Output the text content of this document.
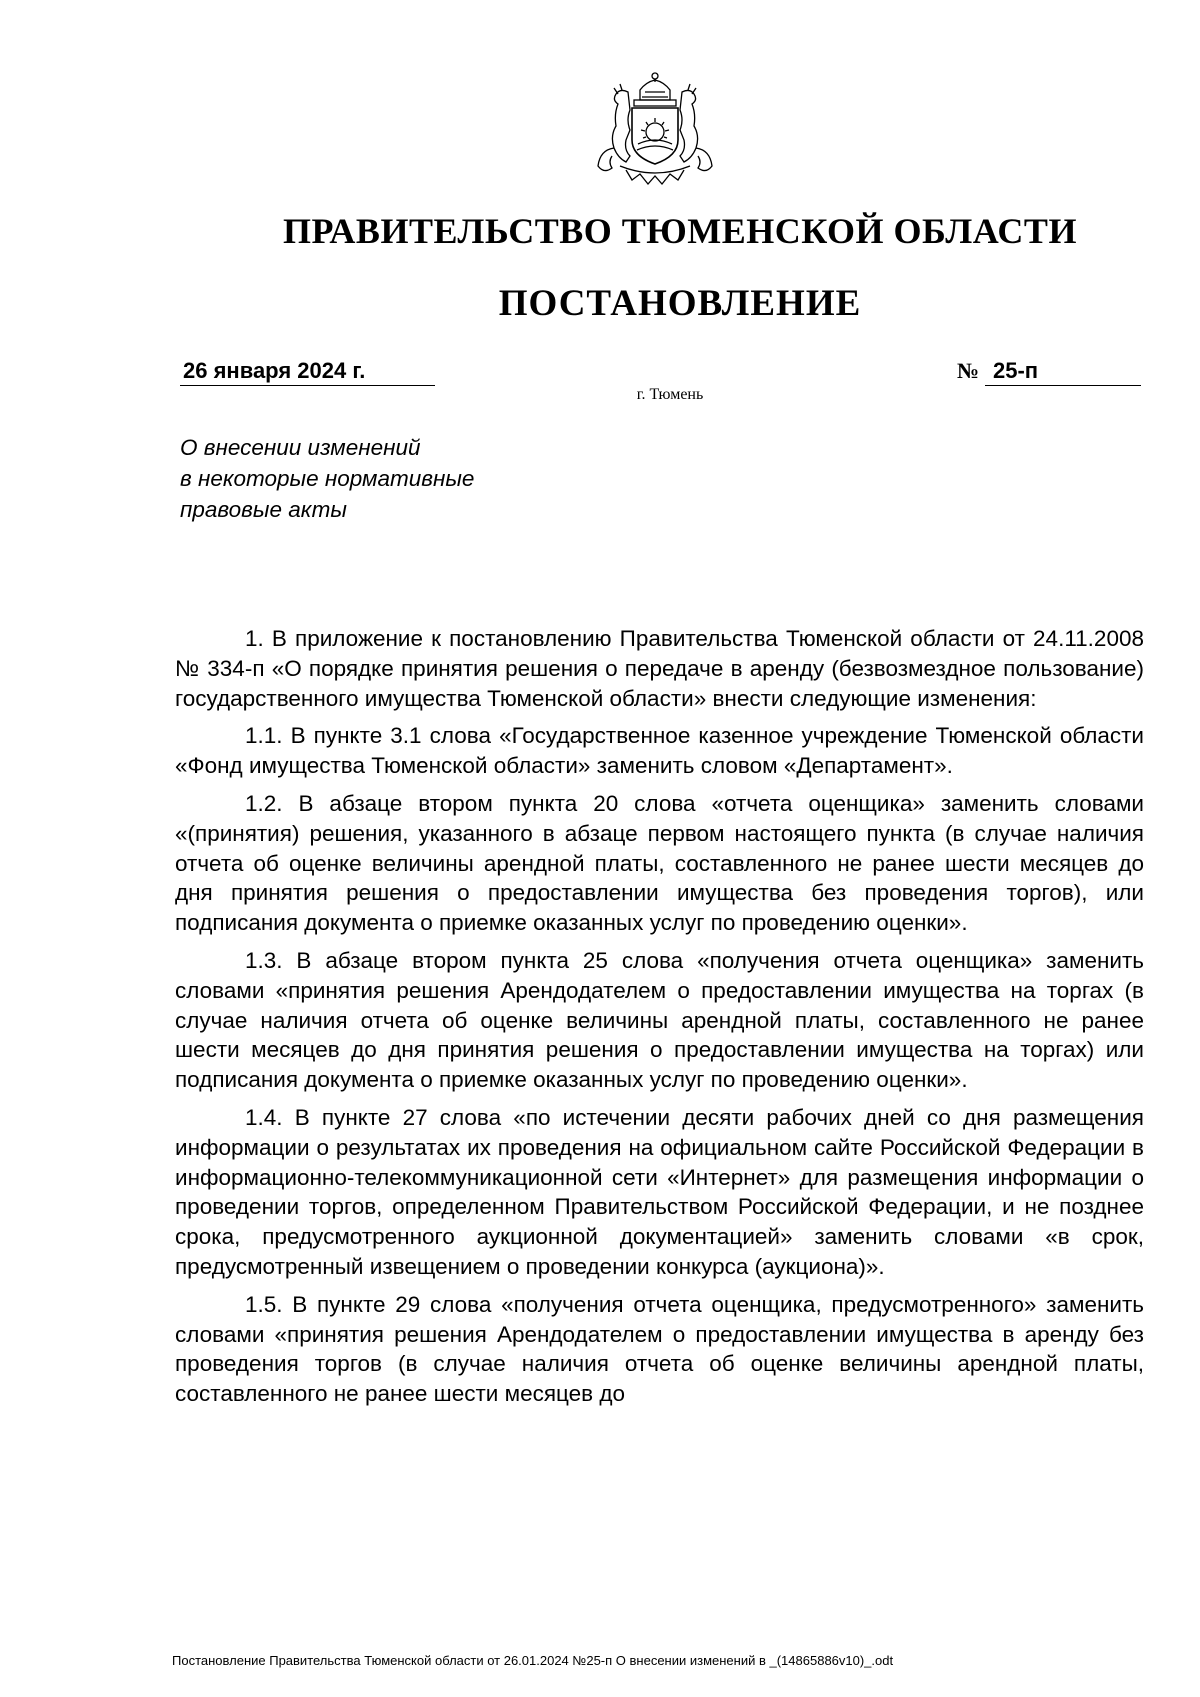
ПРАВИТЕЛЬСТВО ТЮМЕНСКОЙ ОБЛАСТИ
ПОСТАНОВЛЕНИЕ
26 января 2024 г.	№ 25-п
г. Тюмень
О внесении изменений
в некоторые нормативные
правовые акты

1. В приложение к постановлению Правительства Тюменской области от 24.11.2008 № 334-п «О порядке принятия решения о передаче в аренду (безвозмездное пользование) государственного имущества Тюменской области» внести следующие изменения:

1.1. В пункте 3.1 слова «Государственное казенное учреждение Тюменской области «Фонд имущества Тюменской области» заменить словом «Департамент».

1.2. В абзаце втором пункта 20 слова «отчета оценщика» заменить словами «(принятия) решения, указанного в абзаце первом настоящего пункта (в случае наличия отчета об оценке величины арендной платы, составленного не ранее шести месяцев до дня принятия решения о предоставлении имущества без проведения торгов), или подписания документа о приемке оказанных услуг по проведению оценки».

1.3. В абзаце втором пункта 25 слова «получения отчета оценщика» заменить словами «принятия решения Арендодателем о предоставлении имущества на торгах (в случае наличия отчета об оценке величины арендной платы, составленного не ранее шести месяцев до дня принятия решения о предоставлении имущества на торгах) или подписания документа о приемке оказанных услуг по проведению оценки».

1.4. В пункте 27 слова «по истечении десяти рабочих дней со дня размещения информации о результатах их проведения на официальном сайте Российской Федерации в информационно-телекоммуникационной сети «Интернет» для размещения информации о проведении торгов, определенном Правительством Российской Федерации, и не позднее срока, предусмотренного аукционной документацией» заменить словами «в срок, предусмотренный извещением о проведении конкурса (аукциона)».

1.5. В пункте 29 слова «получения отчета оценщика, предусмотренного» заменить словами «принятия решения Арендодателем о предоставлении имущества в аренду без проведения торгов (в случае наличия отчета об оценке величины арендной платы, составленного не ранее шести месяцев до

Постановление Правительства Тюменской области от 26.01.2024 №25-п О внесении изменений в _(14865886v10)_.odt
